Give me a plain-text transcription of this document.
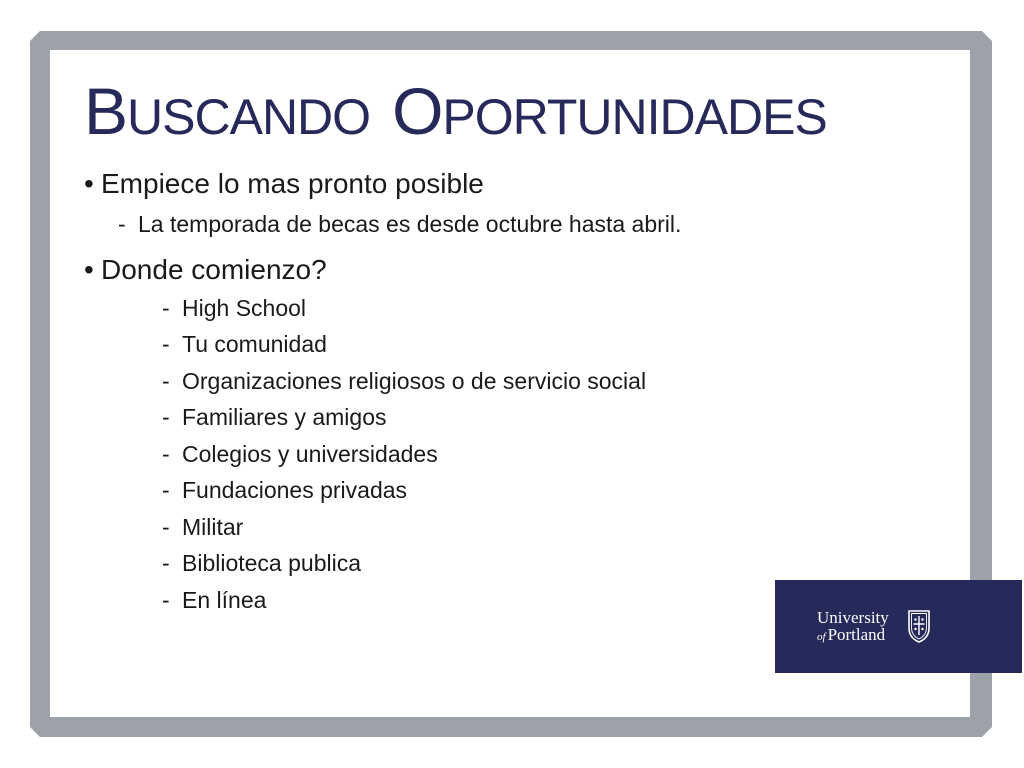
BUSCANDO OPORTUNIDADES
• Empiece lo mas pronto posible
- La temporada de becas es desde octubre hasta abril.
• Donde comienzo?
- High School
- Tu comunidad
- Organizaciones religiosos o de servicio social
- Familiares y amigos
- Colegios y universidades
- Fundaciones privadas
- Militar
- Biblioteca publica
- En línea
University
of Portland
